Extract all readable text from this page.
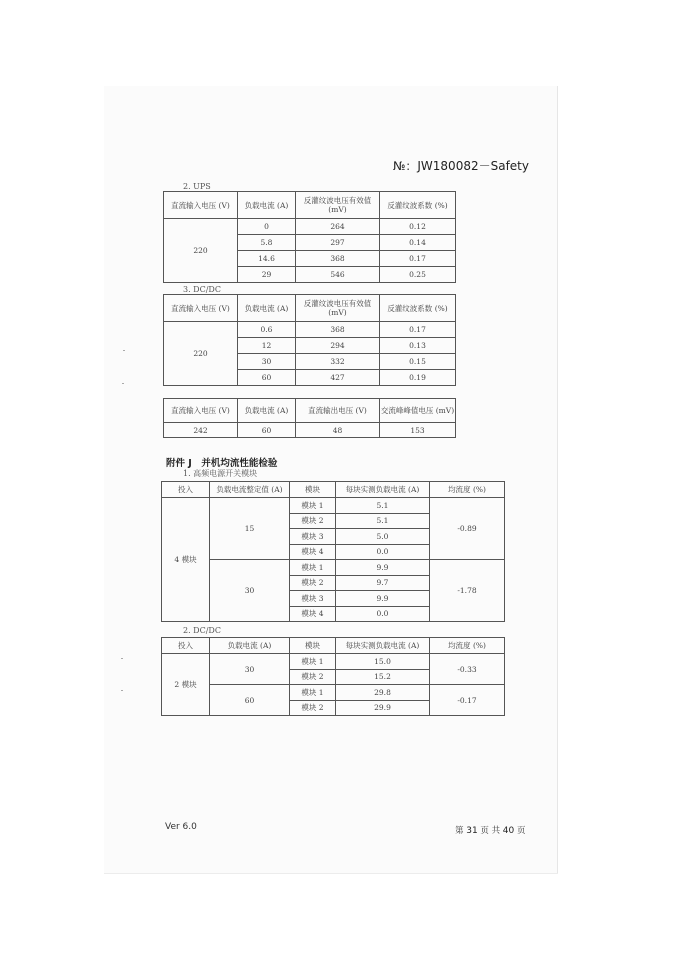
№：JW180082－Safety
2. UPS
直流输入电压 (V)	负载电流 (A)	反灌纹波电压有效值 (mV)	反灌纹波系数 (%)
220	0	264	0.12
	5.8	297	0.14
	14.6	368	0.17
	29	546	0.25
3. DC/DC
直流输入电压 (V)	负载电流 (A)	反灌纹波电压有效值 (mV)	反灌纹波系数 (%)
220	0.6	368	0.17
	12	294	0.13
	30	332	0.15
	60	427	0.19
直流输入电压 (V)	负载电流 (A)	直流输出电压 (V)	交流峰峰值电压 (mV)
242	60	48	153
附件 J　并机均流性能检验
1. 高频电源开关模块
投入	负载电流整定值 (A)	模块	每块实测负载电流 (A)	均流度 (%)
4 模块	15	模块 1	5.1	-0.89
		模块 2	5.1	
		模块 3	5.0	
		模块 4	0.0	
	30	模块 1	9.9	-1.78
		模块 2	9.7	
		模块 3	9.9	
		模块 4	0.0	
2. DC/DC
投入	负载电流 (A)	模块	每块实测负载电流 (A)	均流度 (%)
2 模块	30	模块 1	15.0	-0.33
		模块 2	15.2	
	60	模块 1	29.8	-0.17
		模块 2	29.9	
Ver 6.0	第 31 页 共 40 页
